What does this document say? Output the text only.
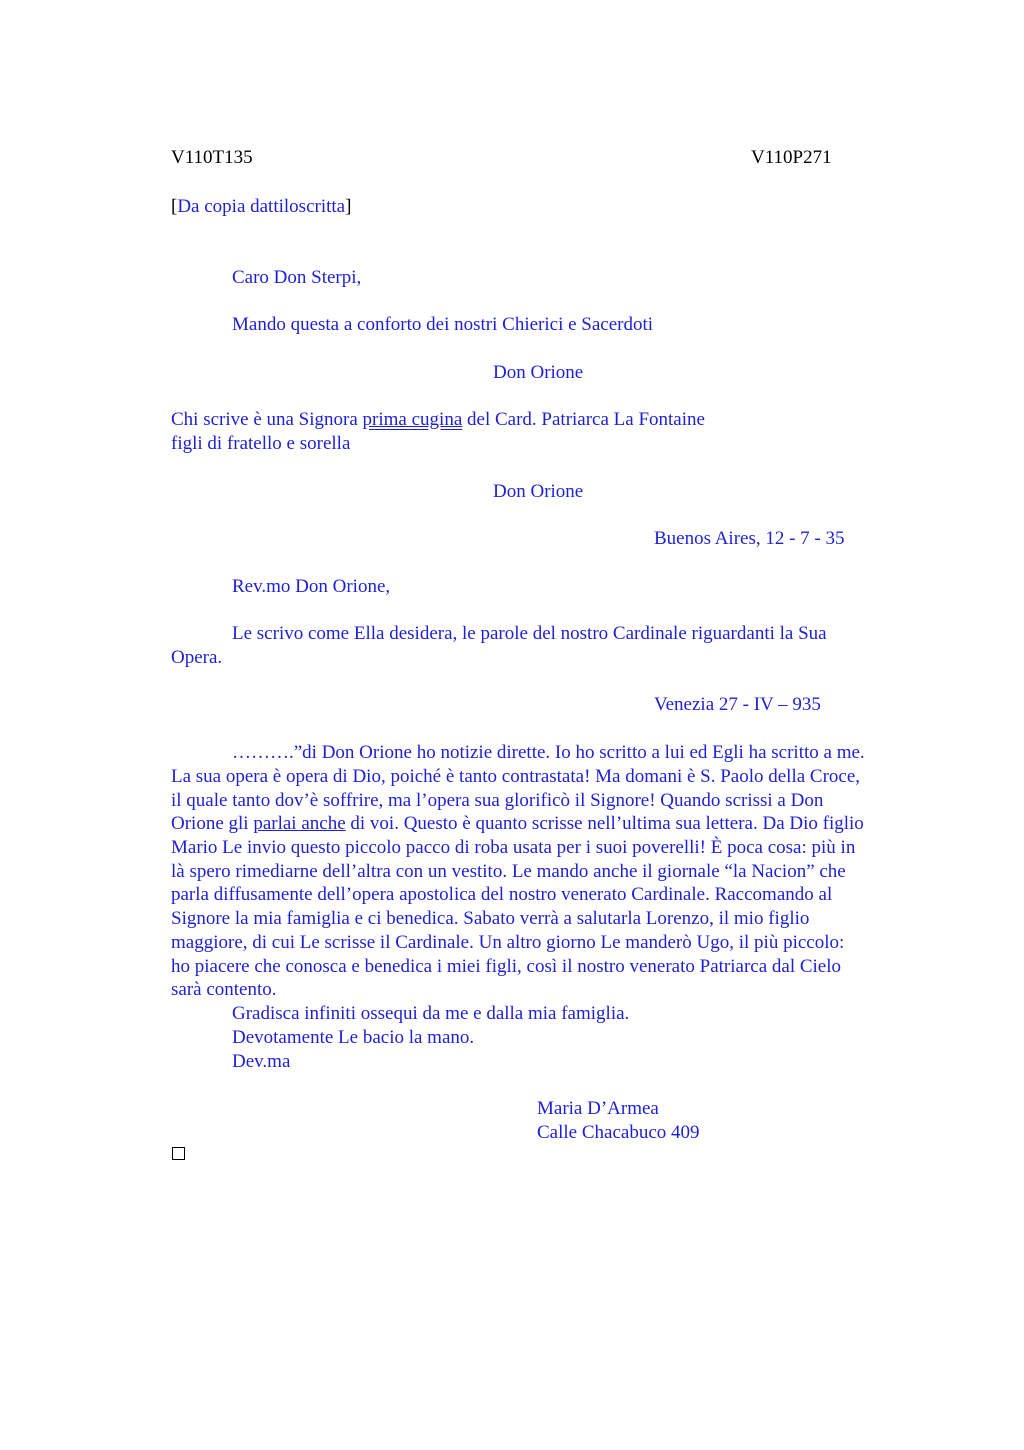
V110T135	V110P271
[Da copia dattiloscritta]
Caro Don Sterpi,
Mando questa a conforto dei nostri Chierici e Sacerdoti
Don Orione
Chi scrive è una Signora prima cugina del Card. Patriarca La Fontaine
figli di fratello e sorella
Don Orione
Buenos Aires, 12 - 7 - 35
Rev.mo Don Orione,
Le scrivo come Ella desidera, le parole del nostro Cardinale riguardanti la Sua
Opera.
Venezia 27 - IV – 935
……….”di Don Orione ho notizie dirette. Io ho scritto a lui ed Egli ha scritto a me.
La sua opera è opera di Dio, poiché è tanto contrastata! Ma domani è S. Paolo della Croce,
il quale tanto dov’è soffrire, ma l’opera sua glorificò il Signore! Quando scrissi a Don
Orione gli parlai anche di voi. Questo è quanto scrisse nell’ultima sua lettera. Da Dio figlio
Mario Le invio questo piccolo pacco di roba usata per i suoi poverelli! È poca cosa: più in
là spero rimediarne dell’altra con un vestito. Le mando anche il giornale “la Nacion” che
parla diffusamente dell’opera apostolica del nostro venerato Cardinale. Raccomando al
Signore la mia famiglia e ci benedica. Sabato verrà a salutarla Lorenzo, il mio figlio
maggiore, di cui Le scrisse il Cardinale. Un altro giorno Le manderò Ugo, il più piccolo:
ho piacere che conosca e benedica i miei figli, così il nostro venerato Patriarca dal Cielo
sarà contento.
Gradisca infiniti ossequi da me e dalla mia famiglia.
Devotamente Le bacio la mano.
Dev.ma
Maria D’Armea
Calle Chacabuco 409
